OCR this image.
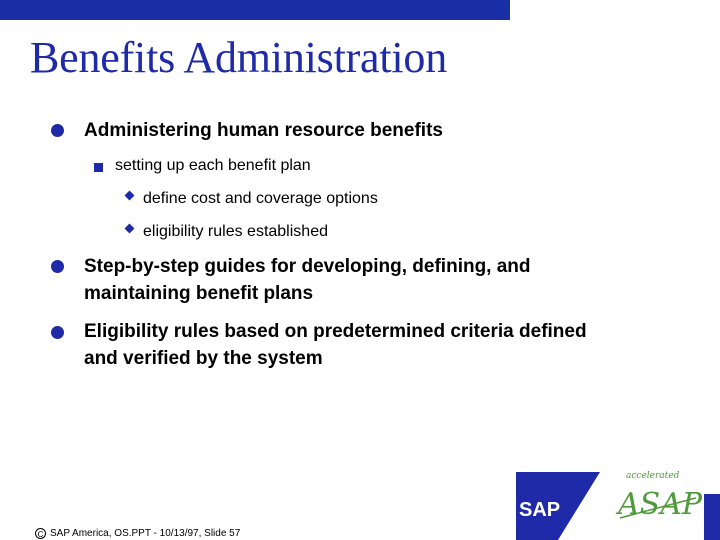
Benefits Administration
Administering human resource benefits
setting up each benefit plan
define cost and coverage options
eligibility rules established
Step-by-step guides for developing, defining, and
maintaining benefit plans
Eligibility rules based on predetermined criteria defined
and verified by the system
C SAP America, OS.PPT - 10/13/97, Slide 57
SAP
accelerated
ASAP
